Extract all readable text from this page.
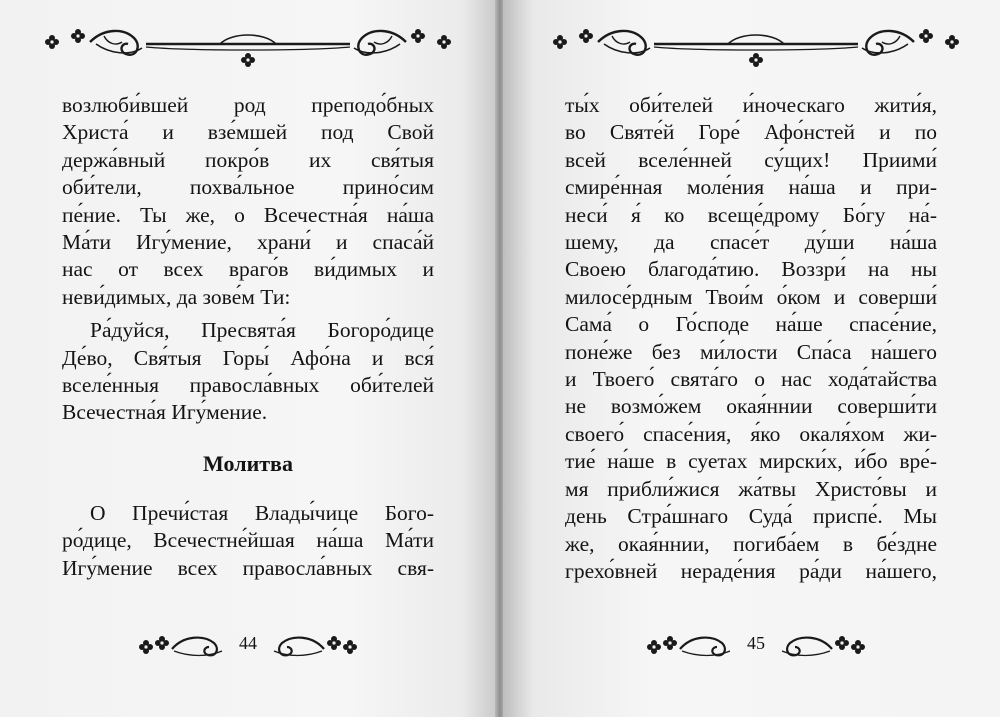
возлюби́вшей род преподо́бных
Христа́ и взе́мшей под Свой
держа́вный покро́в их свя́тыя
оби́тели, похва́льное прино́сим
пе́ние. Ты же, о Всечестна́я на́ша
Ма́ти Игу́мение, храни́ и спаса́й
нас от всех враго́в ви́димых и
неви́димых, да зове́м Ти:
Ра́дуйся, Пресвята́я Богоро́дице
Де́во, Свя́тыя Горы́ Афо́на и вся́
вселе́нныя правосла́вных оби́телей
Всечестна́я Игу́мение.
Молитва
О Пречи́стая Влады́чице Бого-
ро́дице, Всечестне́йшая на́ша Ма́ти
Игу́мение всех правосла́вных свя-
44
ты́х оби́телей и́ноческаго жити́я,
во Святе́й Горе́ Афо́нстей и по
всей вселе́нней су́щих! Приими́
смире́нная моле́ния на́ша и при-
неси́ я́ ко всеще́дрому Бо́гу на́-
шему, да спасе́т ду́ши на́ша
Своею благода́тию. Воззри́ на ны
милосе́рдным Твои́м о́ком и соверши́
Сама́ о Го́споде на́ше спасе́ние,
поне́же без ми́лости Спа́са на́шего
и Твоего́ свята́го о нас хода́тайства
не возмо́жем окая́ннии соверши́ти
своего́ спасе́ния, я́ко окаля́хом жи-
тие́ на́ше в суетах мирски́х, и́бо вре́-
мя прибли́жися жа́твы Христо́вы и
день Стра́шнаго Суда́ приспе́. Мы
же, окая́ннии, погиба́ем в бе́здне
грехо́вней нераде́ния ра́ди на́шего,
45
